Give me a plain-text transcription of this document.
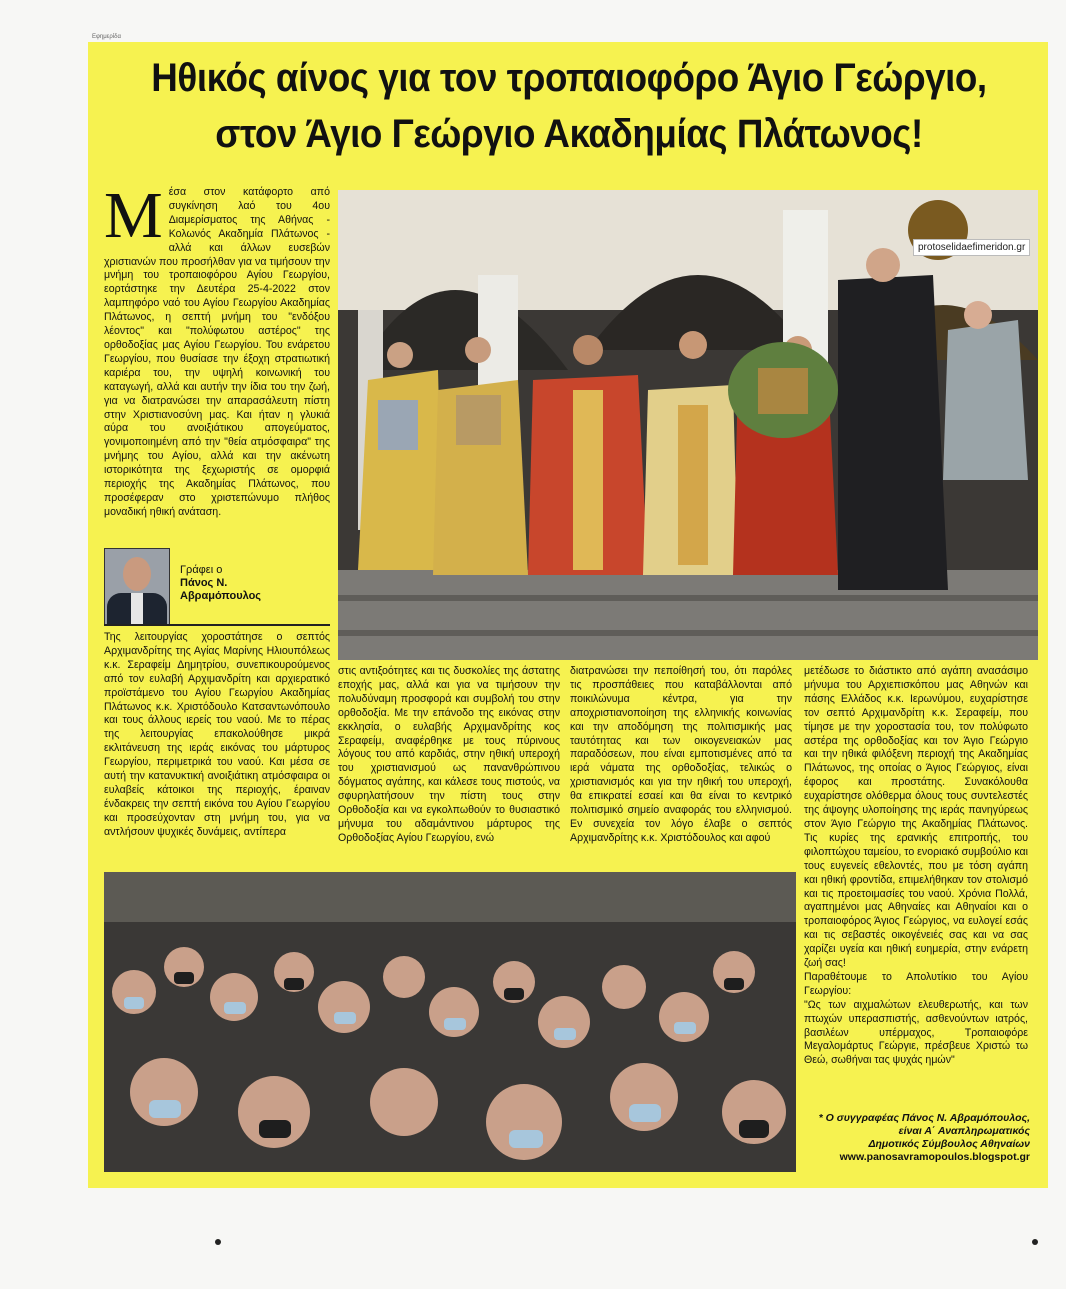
Εφημερίδα
Ηθικός αίνος για τον τροπαιοφόρο Άγιο Γεώργιο,
στον Άγιο Γεώργιο Ακαδημίας Πλάτωνος!
Μ έσα στον κατάφορτο από συγκίνηση λαό του 4ου Διαμερίσματος της Αθήνας - Κολωνός Ακαδημία Πλάτωνος - αλλά και άλλων ευσεβών χριστιανών που προσήλθαν για να τιμήσουν την μνήμη του τροπαιοφόρου Αγίου Γεωργίου, εορτάστηκε την Δευτέρα 25-4-2022 στον λαμπηφόρο ναό του Αγίου Γεωργίου Ακαδημίας Πλάτωνος, η σεπτή μνήμη του "ενδόξου λέοντος" και "πολύφωτου αστέρος" της ορθοδοξίας μας Αγίου Γεωργίου. Του ενάρετου Γεωργίου, που θυσίασε την έξοχη στρατιωτική καριέρα του, την υψηλή κοινωνική του καταγωγή, αλλά και αυτήν την ίδια του την ζωή, για να διατρανώσει την απαρασάλευτη πίστη στην Χριστιανοσύνη μας. Και ήταν η γλυκιά αύρα του ανοιξιάτικου απογεύματος, γονιμοποιημένη από την "θεία ατμόσφαιρα" της μνήμης του Αγίου, αλλά και την ακένωτη ιστορικότητα της ξεχωριστής σε ομορφιά περιοχής της Ακαδημίας Πλάτωνος, που προσέφεραν στο χριστεπώνυμο πλήθος μοναδική ηθική ανάταση.
Γράφει ο
Πάνος Ν.
Αβραμόπουλος
protoselidaefimeridon.gr
Της λειτουργίας χοροστάτησε ο σεπτός Αρχιμανδρίτης της Αγίας Μαρίνης Ηλιουπόλεως κ.κ. Σεραφείμ Δημητρίου, συνεπικουρούμενος από τον ευλαβή Αρχιμανδρίτη και αρχιερατικό προϊστάμενο του Αγίου Γεωργίου Ακαδημίας Πλάτωνος κ.κ. Χριστόδουλο Κατσαντωνόπουλο και τους άλλους ιερείς του ναού. Με το πέρας της λειτουργίας επακολούθησε μικρά εκλιτάνευση της ιεράς εικόνας του μάρτυρος Γεωργίου, περιμετρικά του ναού. Και μέσα σε αυτή την κατανυκτική ανοιξιάτικη ατμόσφαιρα οι ευλαβείς κάτοικοι της περιοχής, έραιναν ένδακρεις την σεπτή εικόνα του Αγίου Γεωργίου και προσεύχονταν στη μνήμη του, για να αντλήσουν ψυχικές δυνάμεις, αντίπερα
στις αντιξοότητες και τις δυσκολίες της άστατης εποχής μας, αλλά και για να τιμήσουν την πολυδύναμη προσφορά και συμβολή του στην ορθοδοξία. Με την επάνοδο της εικόνας στην εκκλησία, ο ευλαβής Αρχιμανδρίτης κος Σεραφείμ, αναφέρθηκε με τους πύρινους λόγους του από καρδιάς, στην ηθική υπεροχή του χριστιανισμού ως πανανθρώπινου δόγματος αγάπης, και κάλεσε τους πιστούς, να σφυρηλατήσουν την πίστη τους στην Ορθοδοξία και να εγκολπωθούν το θυσιαστικό μήνυμα του αδαμάντινου μάρτυρος της Ορθοδοξίας Αγίου Γεωργίου, ενώ
διατρανώσει την πεποίθησή του, ότι παρόλες τις προσπάθειες που καταβάλλονται από ποικιλώνυμα κέντρα, για την αποχριστιανοποίηση της ελληνικής κοινωνίας και την αποδόμηση της πολιτισμικής μας ταυτότητας και των οικογενειακών μας παραδόσεων, που είναι εμποτισμένες από τα ιερά νάματα της ορθοδοξίας, τελικώς ο χριστιανισμός και για την ηθική του υπεροχή, θα επικρατεί εσαεί και θα είναι το κεντρικό πολιτισμικό σημείο αναφοράς του ελληνισμού. Εν συνεχεία τον λόγο έλαβε ο σεπτός Αρχιμανδρίτης κ.κ. Χριστόδουλος και αφού
μετέδωσε το διάστικτο από αγάπη ανασάσιμο μήνυμα του Αρχιεπισκόπου μας Αθηνών και πάσης Ελλάδος κ.κ. Ιερωνύμου, ευχαρίστησε τον σεπτό Αρχιμανδρίτη κ.κ. Σεραφείμ, που τίμησε με την χοροστασία του, τον πολύφωτο αστέρα της ορθοδοξίας και τον Άγιο Γεώργιο και την ηθικά φιλόξενη περιοχή της Ακαδημίας Πλάτωνος, της οποίας ο Άγιος Γεώργιος, είναι έφορος και προστάτης. Συνακόλουθα ευχαρίστησε ολόθερμα όλους τους συντελεστές της άψογης υλοποίησης της ιεράς πανηγύρεως στον Άγιο Γεώργιο της Ακαδημίας Πλάτωνος. Τις κυρίες της εραvικής επιτροπής, του φιλοπτώχου ταμείου, το ενοριακό συμβούλιο και τους ευγενείς εθελοντές, που με τόση αγάπη και ηθική φροντίδα, επιμελήθηκαν τον στολισμό και τις προετοιμασίες του ναού. Χρόνια Πολλά, αγαπημένοι μας Αθηναίες και Αθηναίοι και ο τροπαιοφόρος Άγιος Γεώργιος, να ευλογεί εσάς και τις σεβαστές οικογένειές σας και να σας χαρίζει υγεία και ηθική ευημερία, στην ενάρετη ζωή σας!
Παραθέτουμε το Απολυτίκιο του Αγίου Γεωργίου:
"Ως των αιχμαλώτων ελευθερωτής, και των πτωχών υπερασπιστής, ασθενούντων ιατρός, βασιλέων υπέρμαχος, Τροπαιοφόρε Μεγαλομάρτυς Γεώργιε, πρέσβευε Χριστώ τω Θεώ, σωθήναι τας ψυχάς ημών"
* Ο συγγραφέας Πάνος Ν. Αβραμόπουλος,
είναι Α΄ Αναπληρωματικός
Δημοτικός Σύμβουλος Αθηναίων
www.panosavramopoulos.blogspot.gr
